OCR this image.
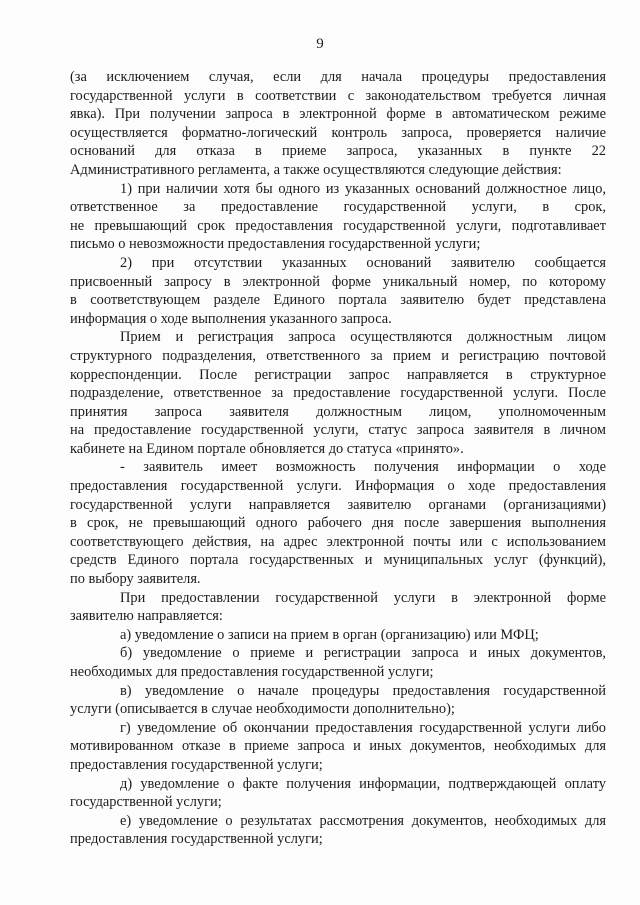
9
(за исключением случая, если для начала процедуры предоставления
государственной услуги в соответствии с законодательством требуется личная
явка). При получении запроса в электронной форме в автоматическом режиме
осуществляется форматно-логический контроль запроса, проверяется наличие
оснований для отказа в приеме запроса, указанных в пункте 22
Административного регламента, а также осуществляются следующие действия:
1) при наличии хотя бы одного из указанных оснований должностное лицо,
ответственное за предоставление государственной услуги, в срок,
не превышающий срок предоставления государственной услуги, подготавливает
письмо о невозможности предоставления государственной услуги;
2) при отсутствии указанных оснований заявителю сообщается
присвоенный запросу в электронной форме уникальный номер, по которому
в соответствующем разделе Единого портала заявителю будет представлена
информация о ходе выполнения указанного запроса.
Прием и регистрация запроса осуществляются должностным лицом
структурного подразделения, ответственного за прием и регистрацию почтовой
корреспонденции. После регистрации запрос направляется в структурное
подразделение, ответственное за предоставление государственной услуги. После
принятия запроса заявителя должностным лицом, уполномоченным
на предоставление государственной услуги, статус запроса заявителя в личном
кабинете на Едином портале обновляется до статуса «принято».
- заявитель имеет возможность получения информации о ходе
предоставления государственной услуги. Информация о ходе предоставления
государственной услуги направляется заявителю органами (организациями)
в срок, не превышающий одного рабочего дня после завершения выполнения
соответствующего действия, на адрес электронной почты или с использованием
средств Единого портала государственных и муниципальных услуг (функций),
по выбору заявителя.
При предоставлении государственной услуги в электронной форме
заявителю направляется:
а) уведомление о записи на прием в орган (организацию) или МФЦ;
б) уведомление о приеме и регистрации запроса и иных документов,
необходимых для предоставления государственной услуги;
в) уведомление о начале процедуры предоставления государственной
услуги (описывается в случае необходимости дополнительно);
г) уведомление об окончании предоставления государственной услуги либо
мотивированном отказе в приеме запроса и иных документов, необходимых для
предоставления государственной услуги;
д) уведомление о факте получения информации, подтверждающей оплату
государственной услуги;
е) уведомление о результатах рассмотрения документов, необходимых для
предоставления государственной услуги;
